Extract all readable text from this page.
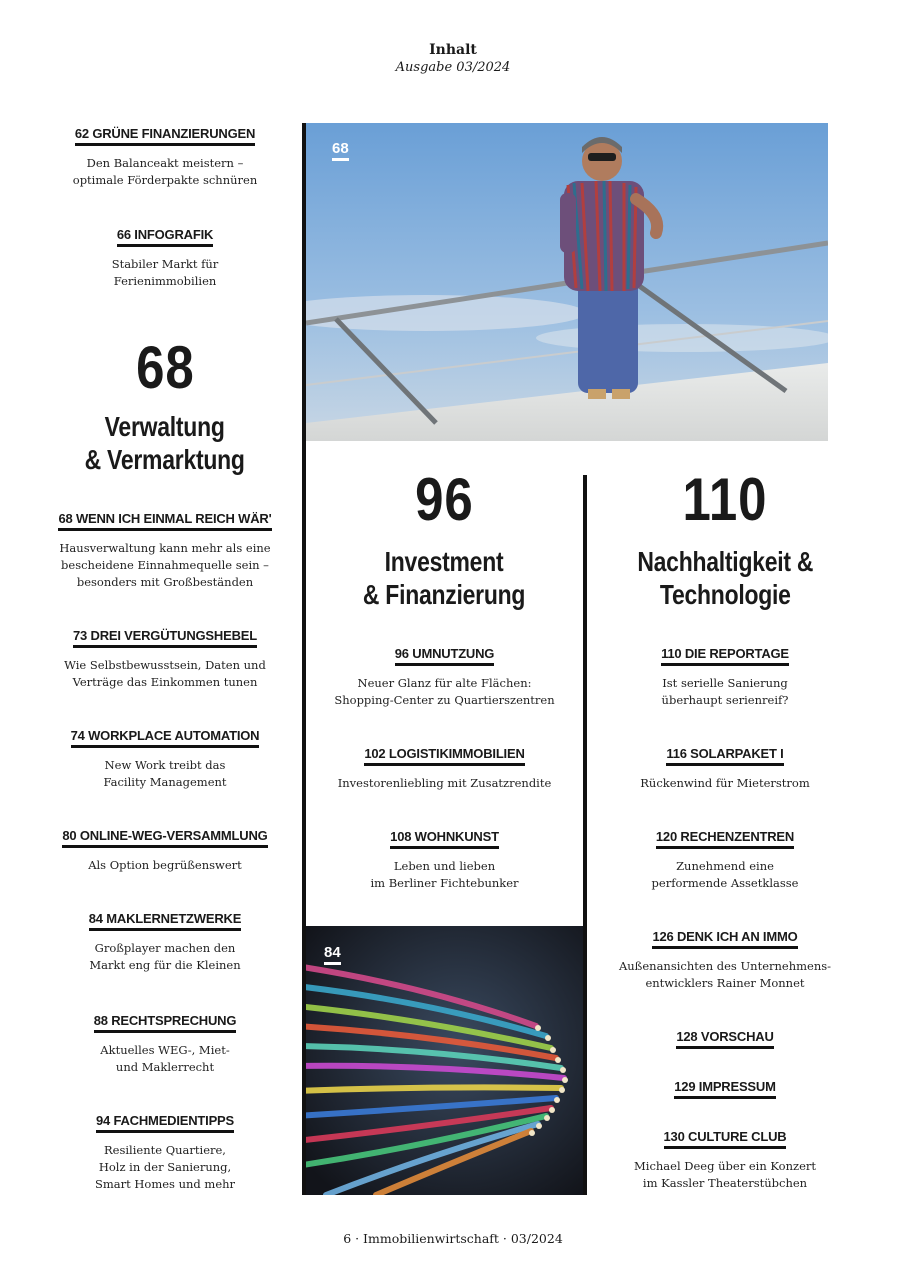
Inhalt
Ausgabe 03/2024
62 GRÜNE FINANZIERUNGEN
Den Balanceakt meistern –
optimale Förderpakte schnüren
66 INFOGRAFIK
Stabiler Markt für
Ferienimmobilien
68
Verwaltung
& Vermarktung
68 WENN ICH EINMAL REICH WÄR'
Hausverwaltung kann mehr als eine
bescheidene Einnahmequelle sein –
besonders mit Großbeständen
73 DREI VERGÜTUNGSHEBEL
Wie Selbstbewusstsein, Daten und
Verträge das Einkommen tunen
74 WORKPLACE AUTOMATION
New Work treibt das
Facility Management
80 ONLINE-WEG-VERSAMMLUNG
Als Option begrüßenswert
84 MAKLERNETZWERKE
Großplayer machen den
Markt eng für die Kleinen
88 RECHTSPRECHUNG
Aktuelles WEG-, Miet-
und Maklerrecht
94 FACHMEDIENTIPPS
Resiliente Quartiere,
Holz in der Sanierung,
Smart Homes und mehr
68
96
Investment
& Finanzierung
96 UMNUTZUNG
Neuer Glanz für alte Flächen:
Shopping-Center zu Quartierszentren
102 LOGISTIKIMMOBILIEN
Investorenliebling mit Zusatzrendite
108 WOHNKUNST
Leben und lieben
im Berliner Fichtebunker
84
110
Nachhaltigkeit &
Technologie
110 DIE REPORTAGE
Ist serielle Sanierung
überhaupt serienreif?
116 SOLARPAKET I
Rückenwind für Mieterstrom
120 RECHENZENTREN
Zunehmend eine
performende Assetklasse
126 DENK ICH AN IMMO
Außenansichten des Unternehmens-
entwicklers Rainer Monnet
128 VORSCHAU
129 IMPRESSUM
130 CULTURE CLUB
Michael Deeg über ein Konzert
im Kassler Theaterstübchen
6 · Immobilienwirtschaft · 03/2024
